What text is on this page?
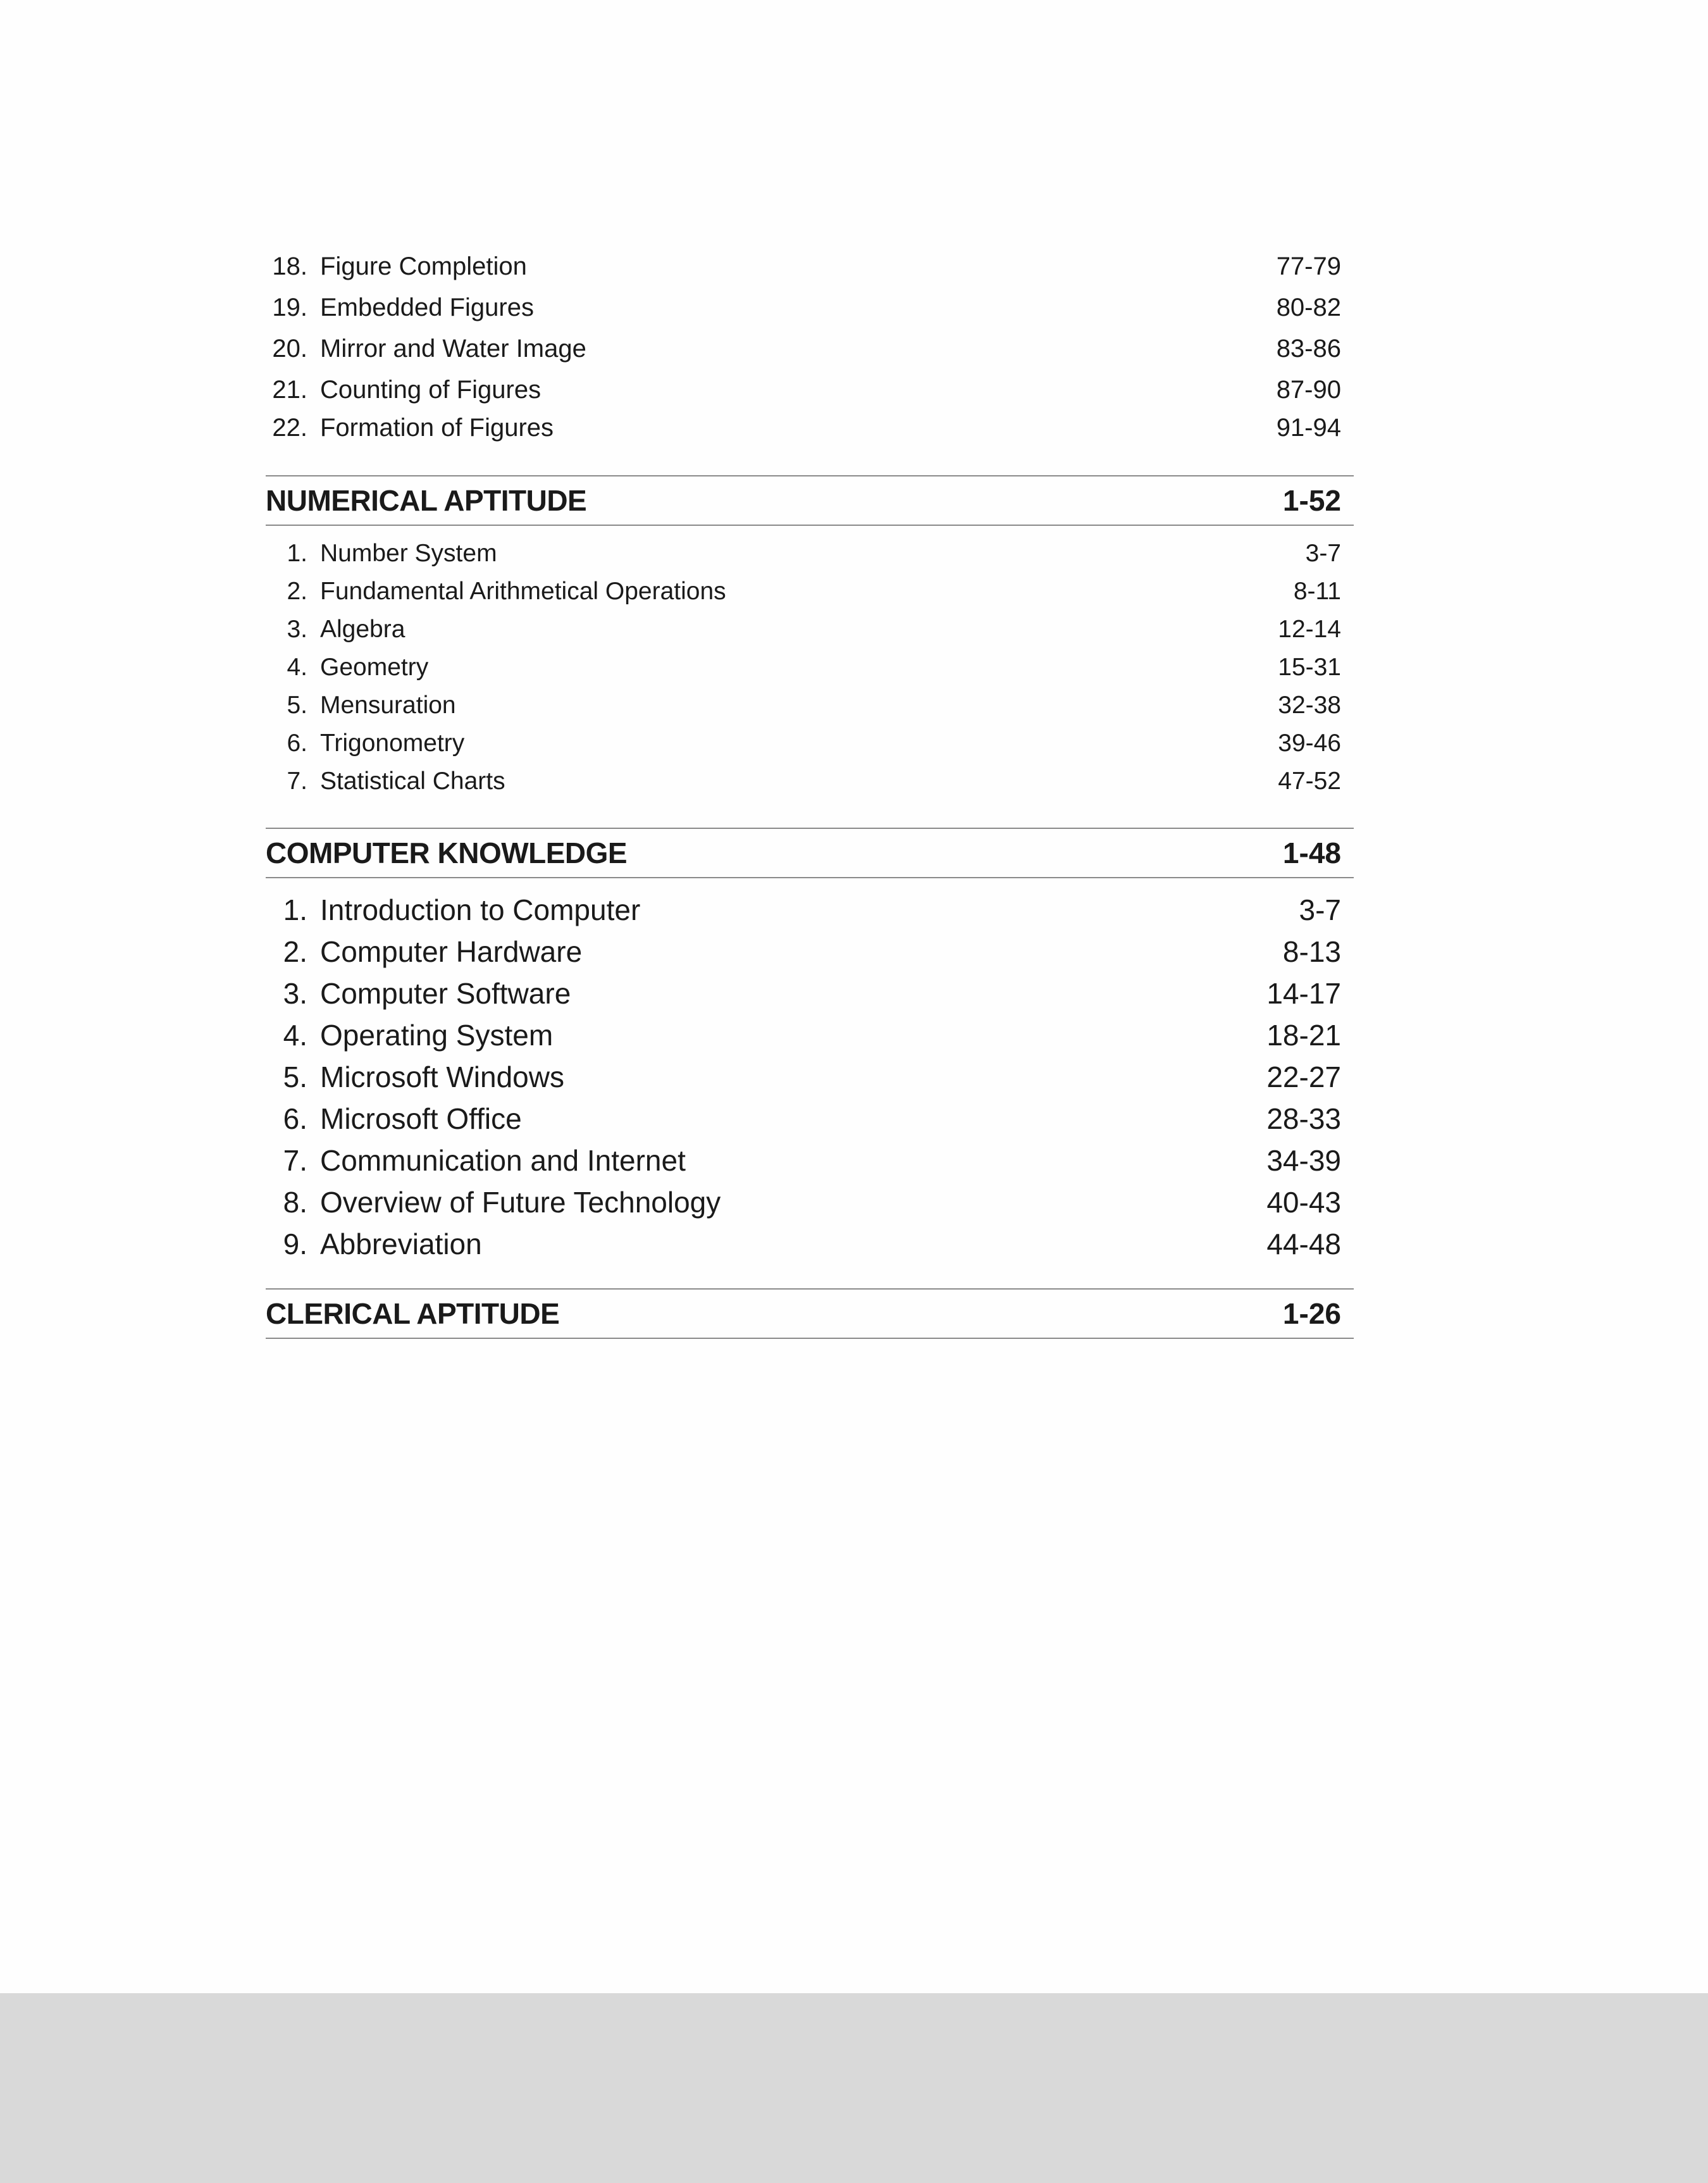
18. Figure Completion	77-79
19. Embedded Figures	80-82
20. Mirror and Water Image	83-86
21. Counting of Figures	87-90
22. Formation of Figures	91-94
NUMERICAL APTITUDE	1-52
1. Number System	3-7
2. Fundamental Arithmetical Operations	8-11
3. Algebra	12-14
4. Geometry	15-31
5. Mensuration	32-38
6. Trigonometry	39-46
7. Statistical Charts	47-52
COMPUTER KNOWLEDGE	1-48
1. Introduction to Computer	3-7
2. Computer Hardware	8-13
3. Computer Software	14-17
4. Operating System	18-21
5. Microsoft Windows	22-27
6. Microsoft Office	28-33
7. Communication and Internet	34-39
8. Overview of Future Technology	40-43
9. Abbreviation	44-48
CLERICAL APTITUDE	1-26
